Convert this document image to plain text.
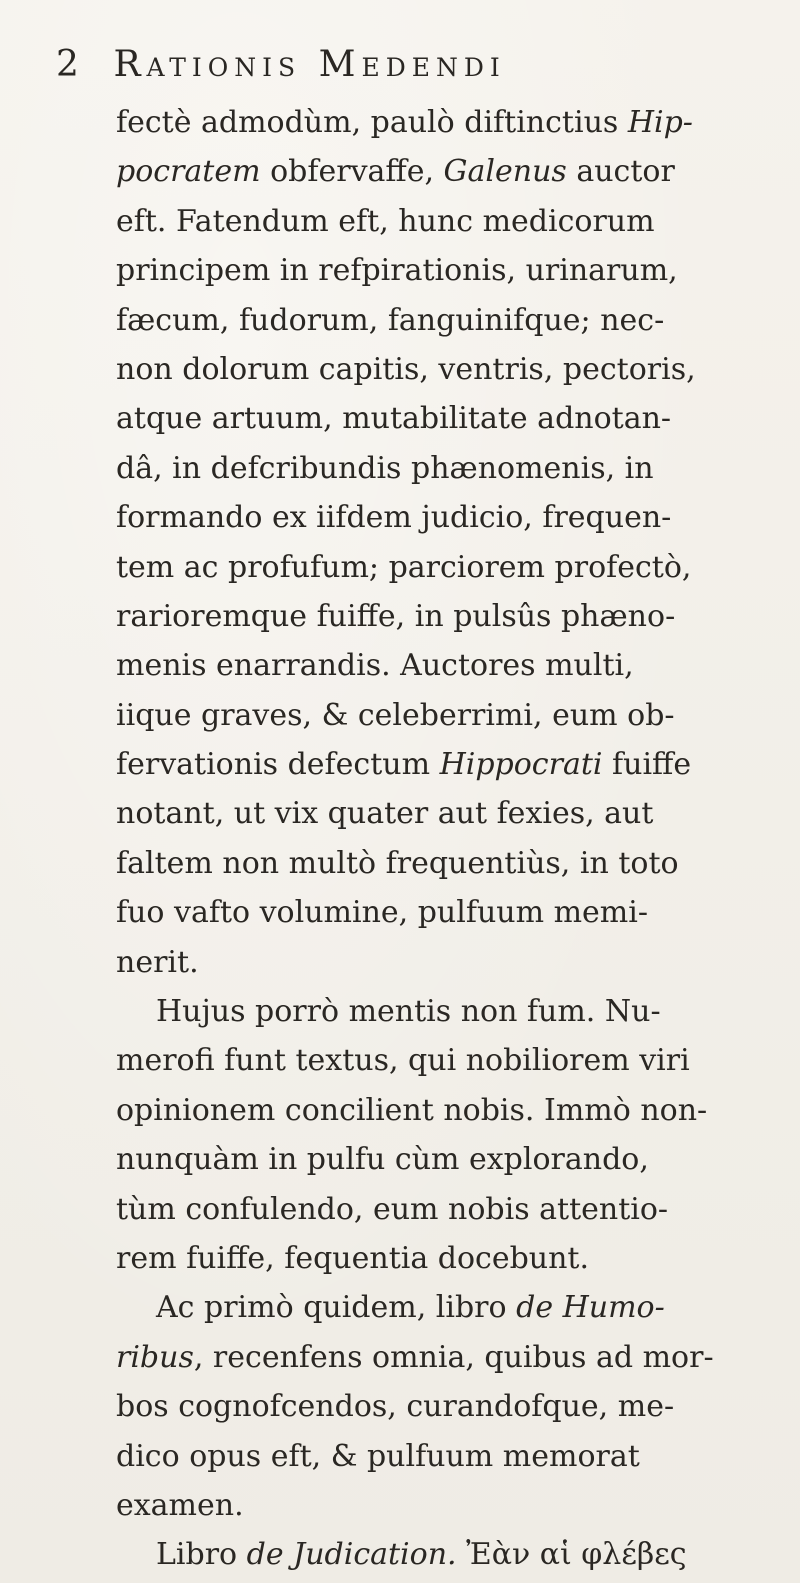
2 Rationis Medendi
fectè admodùm, paulò diftinctius Hip-
pocratem obfervaffe, Galenus auctor
eft. Fatendum eft, hunc medicorum
principem in refpirationis, urinarum,
fæcum, fudorum, fanguinifque; nec-
non dolorum capitis, ventris, pectoris,
atque artuum, mutabilitate adnotan-
dâ, in defcribundis phænomenis, in
formando ex iifdem judicio, frequen-
tem ac profufum; parciorem profectò,
rarioremque fuiffe, in pulsûs phæno-
menis enarrandis. Auctores multi,
iique graves, & celeberrimi, eum ob-
fervationis defectum Hippocrati fuiffe
notant, ut vix quater aut fexies, aut
faltem non multò frequentiùs, in toto
fuo vafto volumine, pulfuum memi-
nerit.
Hujus porrò mentis non fum. Nu-
merofi funt textus, qui nobiliorem viri
opinionem concilient nobis. Immò non-
nunquàm in pulfu cùm explorando,
tùm confulendo, eum nobis attentio-
rem fuiffe, fequentia docebunt.
Ac primò quidem, libro de Humo-
ribus, recenfens omnia, quibus ad mor-
bos cognofcendos, curandofque, me-
dico opus eft, & pulfuum memorat
examen.
Libro de Judication. Ἐὰν αἱ φλέβες
